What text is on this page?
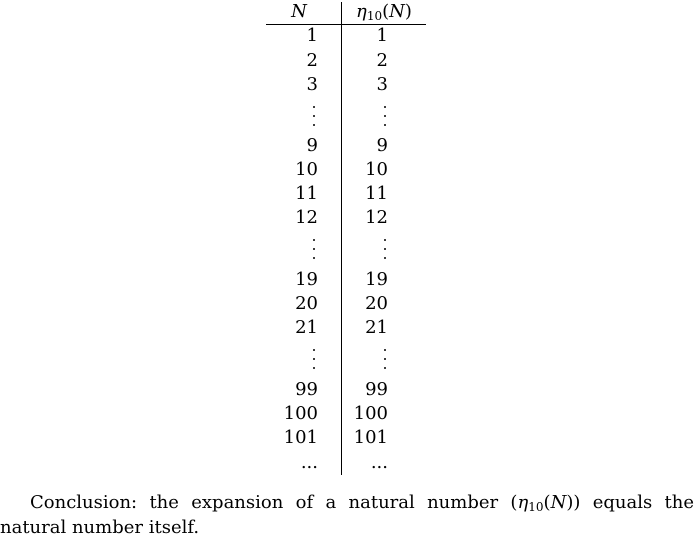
N	$\eta_{10}(N)$
1	1
2	2
3	3
9	9
10	10
11	11
12	12
19	19
20	20
21	21
99	99
100 100
101 101
...	...

Conclusion: the expansion of a natural number $(\eta_{10}(N))$ equals the natural number itself.
